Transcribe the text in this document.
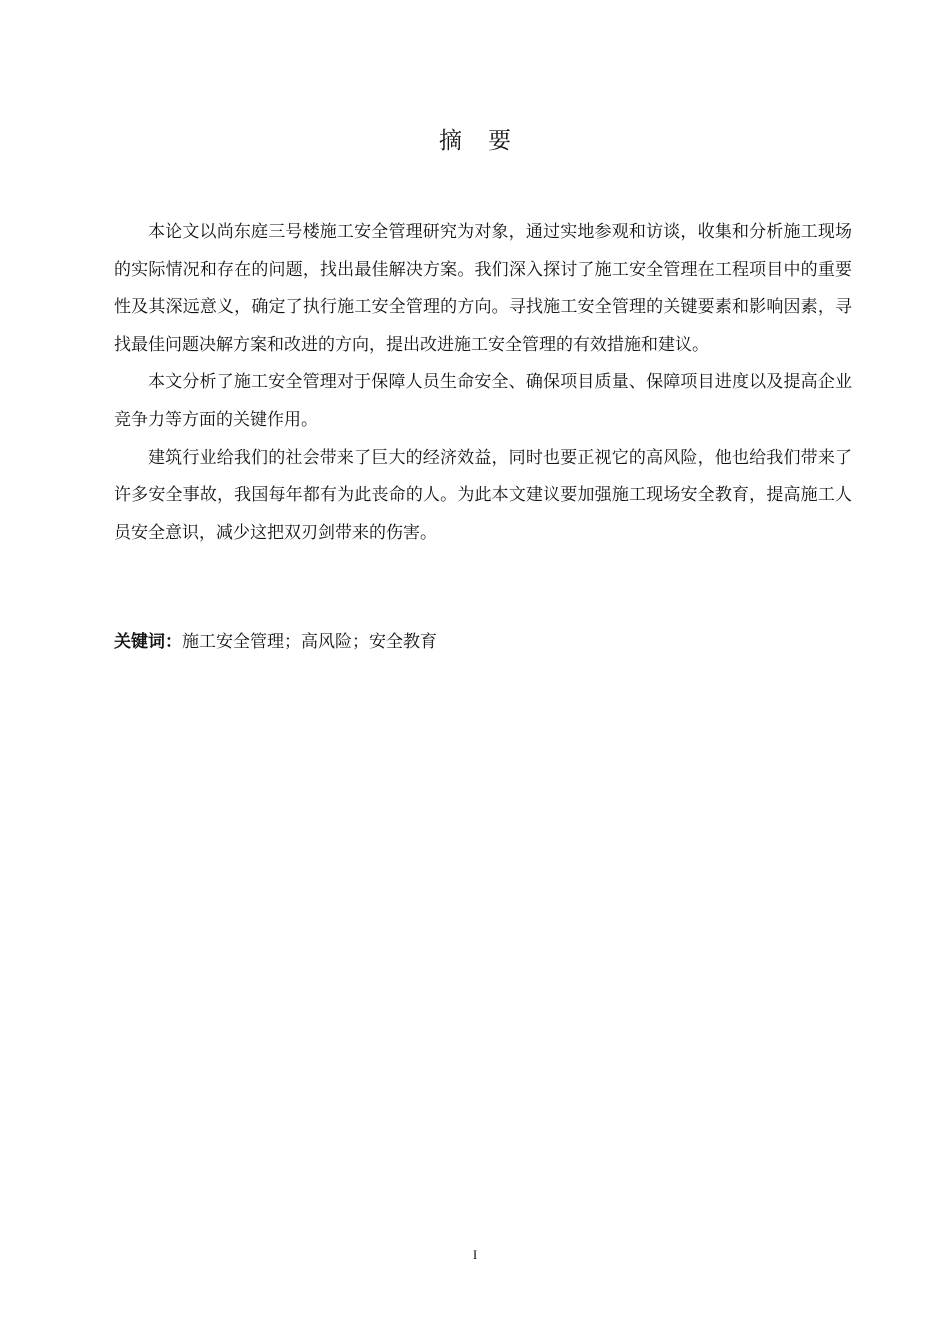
摘 要

本论文以尚东庭三号楼施工安全管理研究为对象，通过实地参观和访谈，收集和分析施工现场的实际情况和存在的问题，找出最佳解决方案。我们深入探讨了施工安全管理在工程项目中的重要性及其深远意义，确定了执行施工安全管理的方向。寻找施工安全管理的关键要素和影响因素，寻找最佳问题决解方案和改进的方向，提出改进施工安全管理的有效措施和建议。

本文分析了施工安全管理对于保障人员生命安全、确保项目质量、保障项目进度以及提高企业竞争力等方面的关键作用。

建筑行业给我们的社会带来了巨大的经济效益，同时也要正视它的高风险，他也给我们带来了许多安全事故，我国每年都有为此丧命的人。为此本文建议要加强施工现场安全教育，提高施工人员安全意识，减少这把双刃剑带来的伤害。

关键词：施工安全管理；高风险；安全教育
I
